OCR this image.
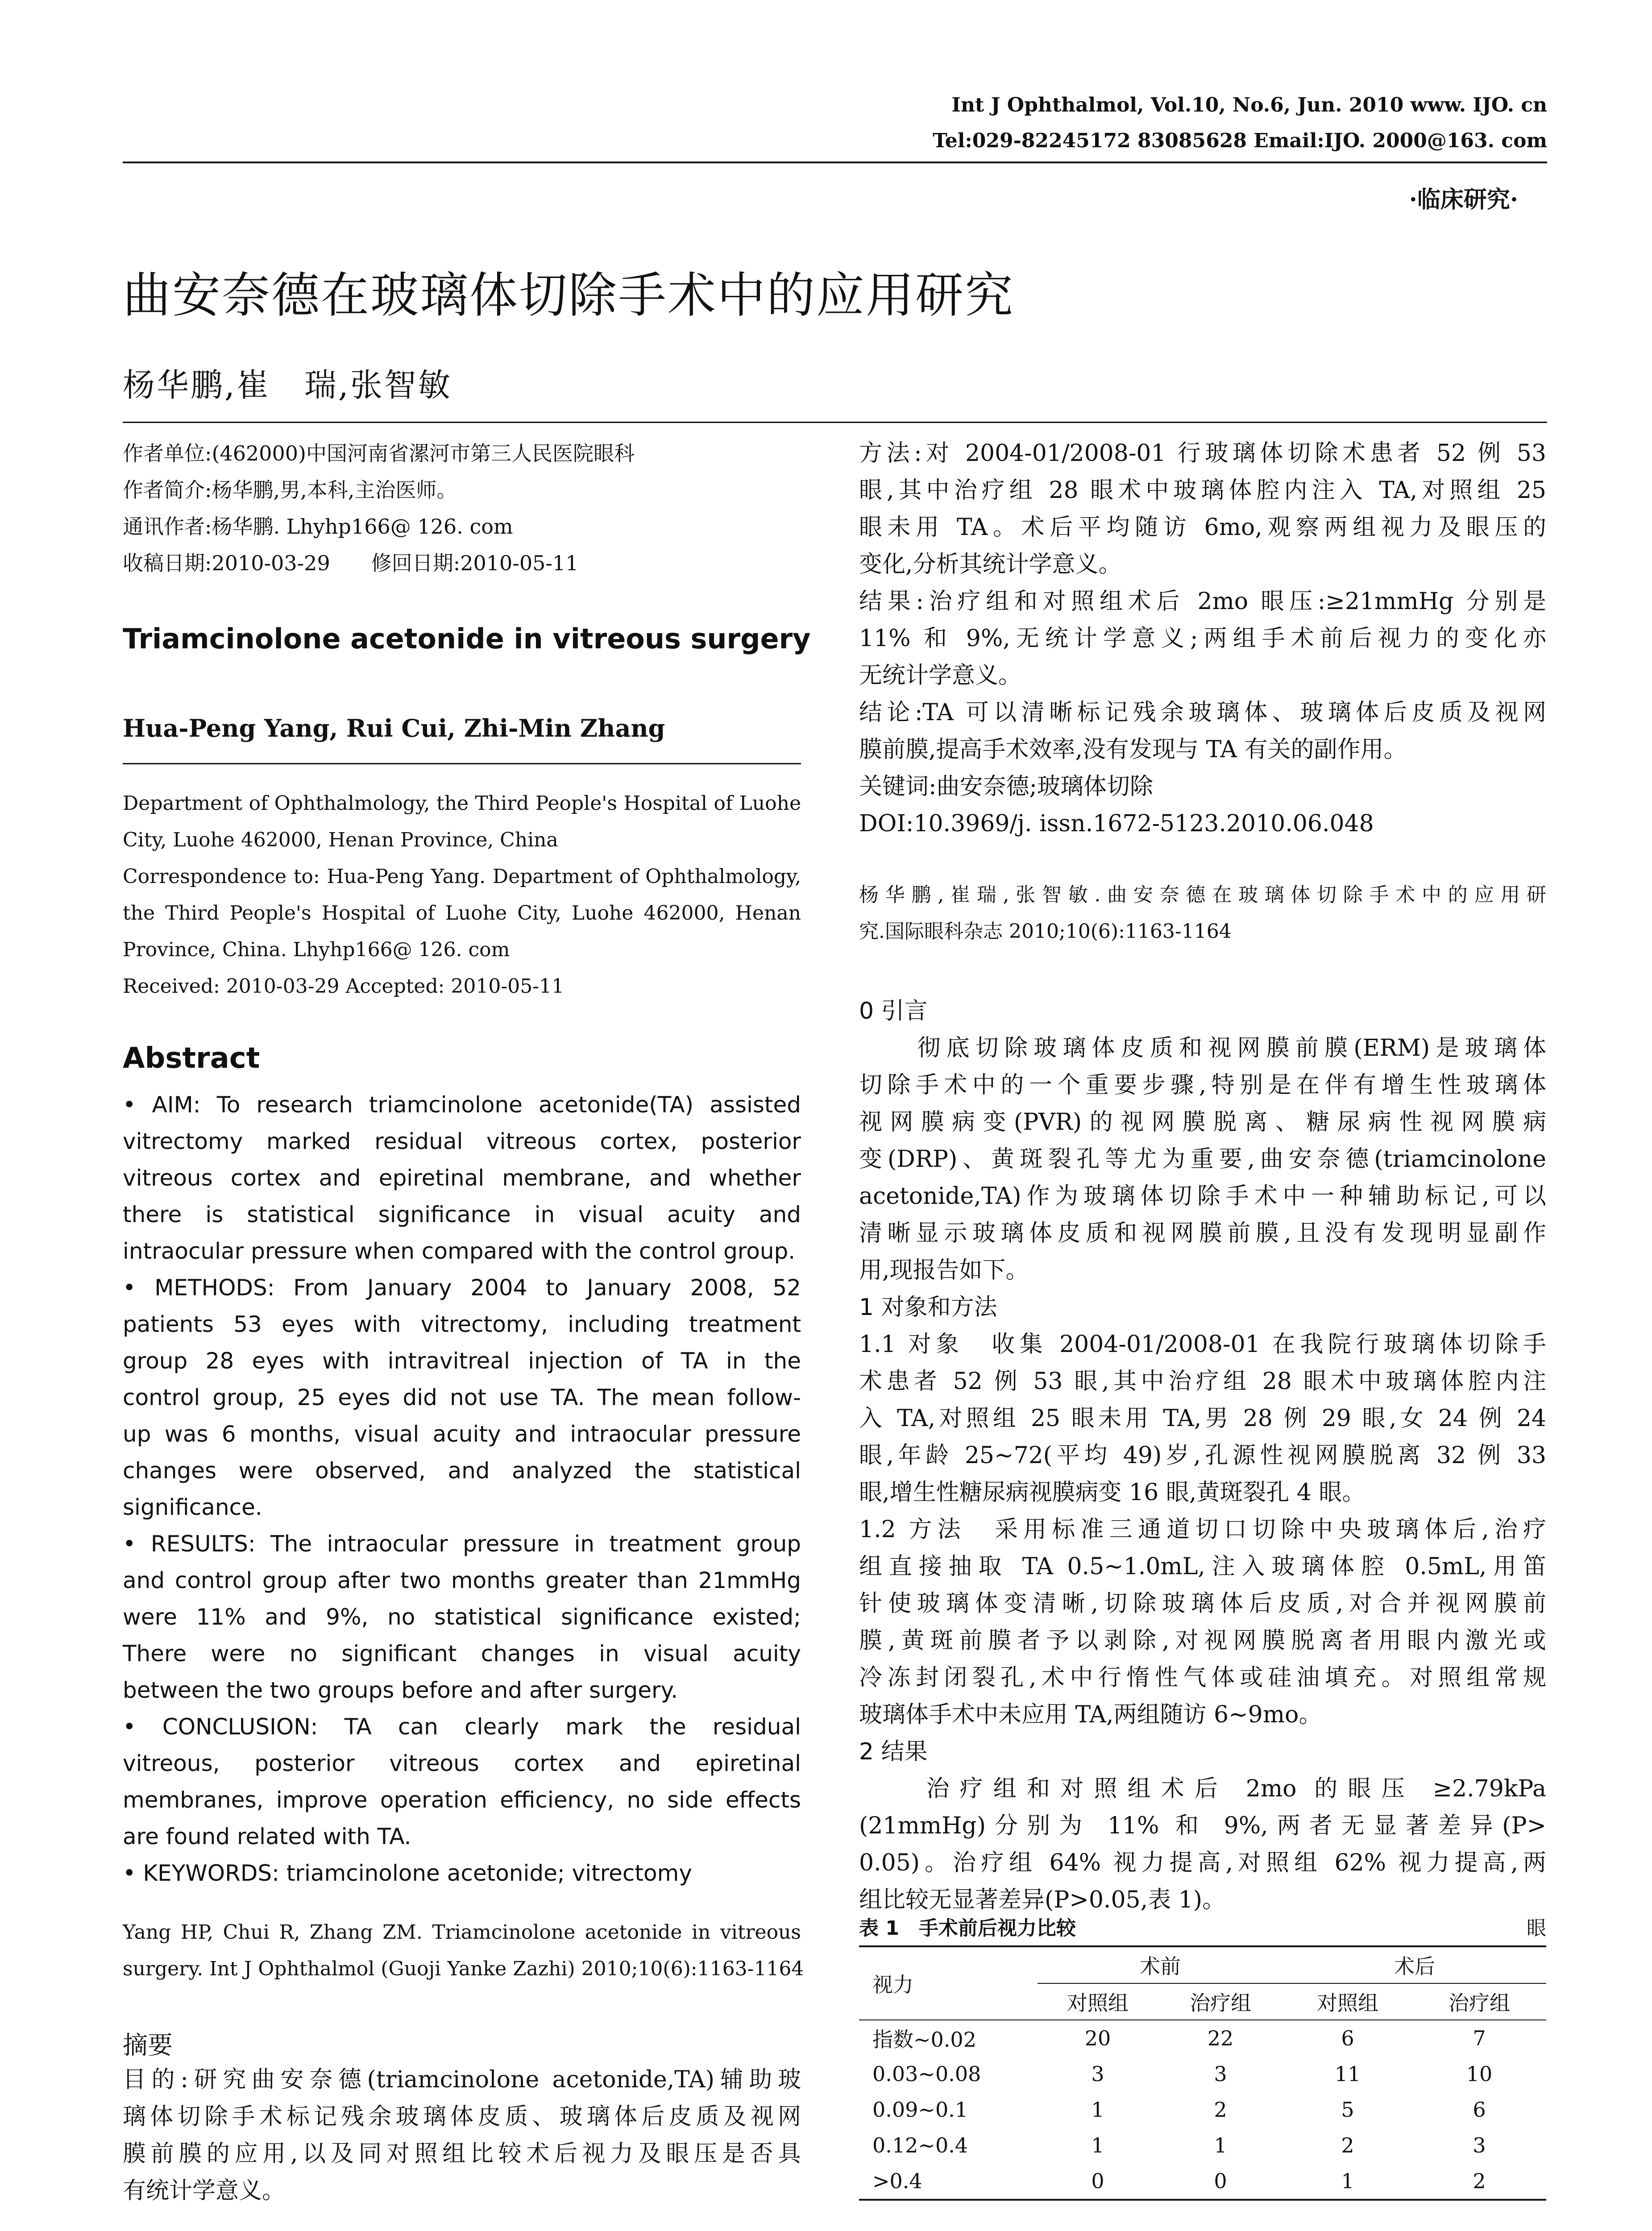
Int J Ophthalmol, Vol.10, No.6, Jun. 2010 www. IJO. cn
Tel:029-82245172 83085628 Email:IJO. 2000@163. com
·临床研究·
曲安奈德在玻璃体切除手术中的应用研究
杨华鹏,崔　瑞,张智敏
作者单位:(462000)中国河南省漯河市第三人民医院眼科
作者简介:杨华鹏,男,本科,主治医师。
通讯作者:杨华鹏. Lhyhp166@ 126. com
收稿日期:2010-03-29　　修回日期:2010-05-11
Triamcinolone acetonide in vitreous surgery
Hua-Peng Yang, Rui Cui, Zhi-Min Zhang
Department of Ophthalmology, the Third People's Hospital of Luohe
City, Luohe 462000, Henan Province, China
Correspondence to: Hua-Peng Yang. Department of Ophthalmology,
the Third People's Hospital of Luohe City, Luohe 462000, Henan
Province, China. Lhyhp166@ 126. com
Received: 2010-03-29 Accepted: 2010-05-11
Abstract
• AIM: To research triamcinolone acetonide(TA) assisted
vitrectomy marked residual vitreous cortex, posterior
vitreous cortex and epiretinal membrane, and whether
there is statistical significance in visual acuity and
intraocular pressure when compared with the control group.
• METHODS: From January 2004 to January 2008, 52
patients 53 eyes with vitrectomy, including treatment
group 28 eyes with intravitreal injection of TA in the
control group, 25 eyes did not use TA. The mean follow-
up was 6 months, visual acuity and intraocular pressure
changes were observed, and analyzed the statistical
significance.
• RESULTS: The intraocular pressure in treatment group
and control group after two months greater than 21mmHg
were 11% and 9%, no statistical significance existed;
There were no significant changes in visual acuity
between the two groups before and after surgery.
• CONCLUSION: TA can clearly mark the residual
vitreous, posterior vitreous cortex and epiretinal
membranes, improve operation efficiency, no side effects
are found related with TA.
• KEYWORDS: triamcinolone acetonide; vitrectomy
Yang HP, Chui R, Zhang ZM. Triamcinolone acetonide in vitreous
surgery. Int J Ophthalmol (Guoji Yanke Zazhi) 2010;10(6):1163-1164
摘要
目的:研究曲安奈德(triamcinolone acetonide,TA)辅助玻
璃体切除手术标记残余玻璃体皮质、玻璃体后皮质及视网
膜前膜的应用,以及同对照组比较术后视力及眼压是否具
有统计学意义。
方法:对 2004-01/2008-01 行玻璃体切除术患者 52 例 53
眼,其中治疗组 28 眼术中玻璃体腔内注入 TA,对照组 25
眼未用 TA。术后平均随访 6mo,观察两组视力及眼压的
变化,分析其统计学意义。
结果:治疗组和对照组术后 2mo 眼压:≥21mmHg 分别是
11% 和 9%,无统计学意义;两组手术前后视力的变化亦
无统计学意义。
结论:TA 可以清晰标记残余玻璃体、玻璃体后皮质及视网
膜前膜,提高手术效率,没有发现与 TA 有关的副作用。
关键词:曲安奈德;玻璃体切除
DOI:10.3969/j. issn.1672-5123.2010.06.048
杨华鹏,崔瑞,张智敏.曲安奈德在玻璃体切除手术中的应用研
究.国际眼科杂志 2010;10(6):1163-1164
0 引言
　　彻底切除玻璃体皮质和视网膜前膜(ERM)是玻璃体
切除手术中的一个重要步骤,特别是在伴有增生性玻璃体
视网膜病变(PVR)的视网膜脱离、糖尿病性视网膜病
变(DRP)、黄斑裂孔等尤为重要,曲安奈德(triamcinolone
acetonide,TA)作为玻璃体切除手术中一种辅助标记,可以
清晰显示玻璃体皮质和视网膜前膜,且没有发现明显副作
用,现报告如下。
1 对象和方法
1.1 对象　收集 2004-01/2008-01 在我院行玻璃体切除手
术患者 52 例 53 眼,其中治疗组 28 眼术中玻璃体腔内注
入 TA,对照组 25 眼未用 TA,男 28 例 29 眼,女 24 例 24
眼,年龄 25~72(平均 49)岁,孔源性视网膜脱离 32 例 33
眼,增生性糖尿病视膜病变 16 眼,黄斑裂孔 4 眼。
1.2 方法　采用标准三通道切口切除中央玻璃体后,治疗
组直接抽取 TA 0.5~1.0mL,注入玻璃体腔 0.5mL,用笛
针使玻璃体变清晰,切除玻璃体后皮质,对合并视网膜前
膜,黄斑前膜者予以剥除,对视网膜脱离者用眼内激光或
冷冻封闭裂孔,术中行惰性气体或硅油填充。对照组常规
玻璃体手术中未应用 TA,两组随访 6~9mo。
2 结果
　　治疗组和对照组术后 2mo 的眼压 ≥2.79kPa
(21mmHg)分别为 11% 和 9%,两者无显著差异(P>
0.05)。治疗组 64% 视力提高,对照组 62% 视力提高,两
组比较无显著差异(P>0.05,表 1)。
表 1　手术前后视力比较	眼
视力	术前		术后	
	对照组	治疗组	对照组	治疗组
指数~0.02	20	22	6	7
0.03~0.08	3	3	11	10
0.09~0.1	1	2	5	6
0.12~0.4	1	1	2	3
>0.4	0	0	1	2
